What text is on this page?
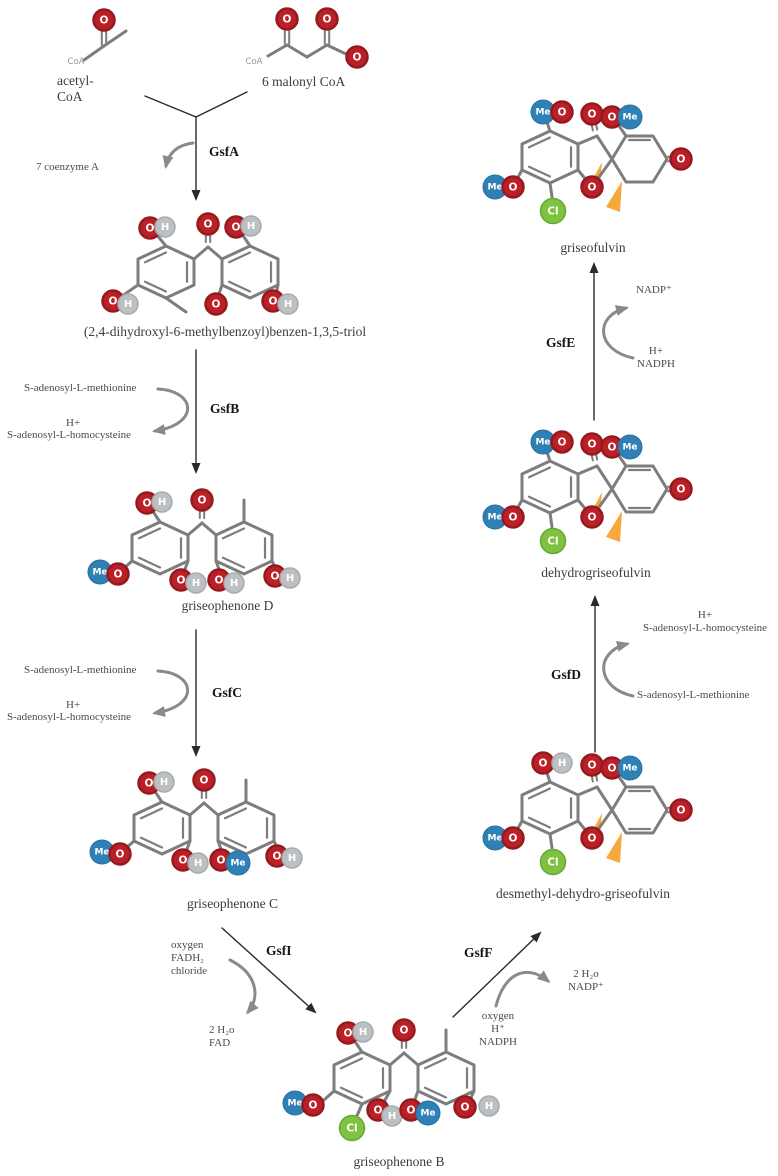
O
CoA
O	O
O
CoA
O
O H
O H
O H
O	O H
O
O H
Me O	O H O H
O H
O
O H
Me O	O H O Me
O H
O
O H
Me O
Cl
O H O Me O H
O
O H	O Me
O
Me O
Cl
O
O
Me O	O Me
O
Me O
Cl
O
O
Me O	O Me
O
Me O
Cl
O
acetyl-
CoA
6 malonyl CoA
GsfA
7 coenzyme A
(2,4-dihydroxyl-6-methylbenzoyl)benzen-1,3,5-triol
S-adenosyl-L-methionine
GsfB
H+
S-adenosyl-L-homocysteine
griseophenone D
S-adenosyl-L-methionine
GsfC
H+
S-adenosyl-L-homocysteine
griseophenone C
GsfI
oxygen
FADH₂
chloride
2 H₂o
FAD
griseophenone B
GsfF
oxygen
H⁺
NADPH
2 H₂o
NADP⁺
desmethyl-dehydro-griseofulvin
GsfD
H+
S-adenosyl-L-homocysteine
S-adenosyl-L-methionine
dehydrogriseofulvin
GsfE
NADP⁺
H+
NADPH
griseofulvin
